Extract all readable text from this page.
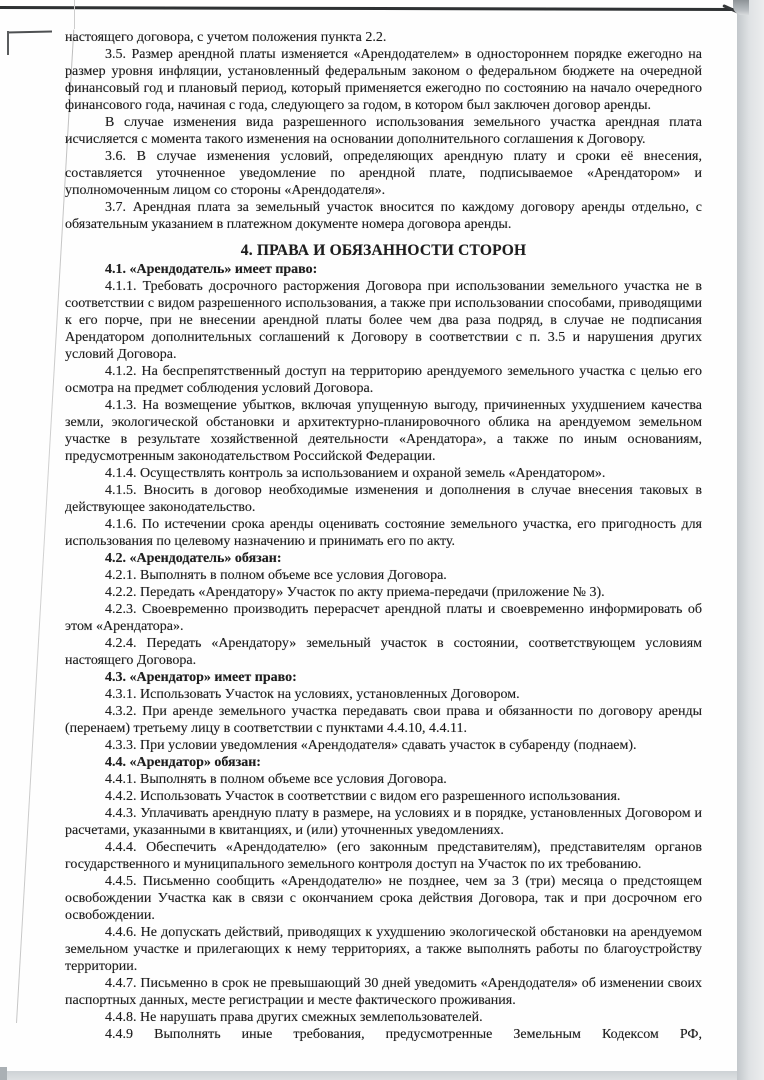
настоящего договора, с учетом положения пункта 2.2.

3.5. Размер арендной платы изменяется «Арендодателем» в одностороннем порядке ежегодно на размер уровня инфляции, установленный федеральным законом о федеральном бюджете на очередной финансовый год и плановый период, который применяется ежегодно по состоянию на начало очередного финансового года, начиная с года, следующего за годом, в котором был заключен договор аренды.

В случае изменения вида разрешенного использования земельного участка арендная плата исчисляется с момента такого изменения на основании дополнительного соглашения к Договору.

3.6. В случае изменения условий, определяющих арендную плату и сроки её внесения, составляется уточненное уведомление по арендной плате, подписываемое «Арендатором» и уполномоченным лицом со стороны «Арендодателя».

3.7. Арендная плата за земельный участок вносится по каждому договору аренды отдельно, с обязательным указанием в платежном документе номера договора аренды.

4. ПРАВА И ОБЯЗАННОСТИ СТОРОН

4.1. «Арендодатель» имеет право:

4.1.1. Требовать досрочного расторжения Договора при использовании земельного участка не в соответствии с видом разрешенного использования, а также при использовании способами, приводящими к его порче, при не внесении арендной платы более чем два раза подряд, в случае не подписания Арендатором дополнительных соглашений к Договору в соответствии с п. 3.5 и нарушения других условий Договора.

4.1.2. На беспрепятственный доступ на территорию арендуемого земельного участка с целью его осмотра на предмет соблюдения условий Договора.

4.1.3. На возмещение убытков, включая упущенную выгоду, причиненных ухудшением качества земли, экологической обстановки и архитектурно-планировочного облика на арендуемом земельном участке в результате хозяйственной деятельности «Арендатора», а также по иным основаниям, предусмотренным законодательством Российской Федерации.

4.1.4. Осуществлять контроль за использованием и охраной земель «Арендатором».

4.1.5. Вносить в договор необходимые изменения и дополнения в случае внесения таковых в действующее законодательство.

4.1.6. По истечении срока аренды оценивать состояние земельного участка, его пригодность для использования по целевому назначению и принимать его по акту.

4.2. «Арендодатель» обязан:

4.2.1. Выполнять в полном объеме все условия Договора.

4.2.2. Передать «Арендатору» Участок по акту приема-передачи (приложение № 3).

4.2.3. Своевременно производить перерасчет арендной платы и своевременно информировать об этом «Арендатора».

4.2.4. Передать «Арендатору» земельный участок в состоянии, соответствующем условиям настоящего Договора.

4.3. «Арендатор» имеет право:

4.3.1. Использовать Участок на условиях, установленных Договором.

4.3.2. При аренде земельного участка передавать свои права и обязанности по договору аренды (перенаем) третьему лицу в соответствии с пунктами 4.4.10, 4.4.11.

4.3.3. При условии уведомления «Арендодателя» сдавать участок в субаренду (поднаем).

4.4. «Арендатор» обязан:

4.4.1. Выполнять в полном объеме все условия Договора.

4.4.2. Использовать Участок в соответствии с видом его разрешенного использования.

4.4.3. Уплачивать арендную плату в размере, на условиях и в порядке, установленных Договором и расчетами, указанными в квитанциях, и (или) уточненных уведомлениях.

4.4.4. Обеспечить «Арендодателю» (его законным представителям), представителям органов государственного и муниципального земельного контроля доступ на Участок по их требованию.

4.4.5. Письменно сообщить «Арендодателю» не позднее, чем за 3 (три) месяца о предстоящем освобождении Участка как в связи с окончанием срока действия Договора, так и при досрочном его освобождении.

4.4.6. Не допускать действий, приводящих к ухудшению экологической обстановки на арендуемом земельном участке и прилегающих к нему территориях, а также выполнять работы по благоустройству территории.

4.4.7. Письменно в срок не превышающий 30 дней уведомить «Арендодателя» об изменении своих паспортных данных, месте регистрации и месте фактического проживания.

4.4.8. Не нарушать права других смежных землепользователей.

4.4.9 Выполнять иные требования, предусмотренные Земельным Кодексом РФ,
